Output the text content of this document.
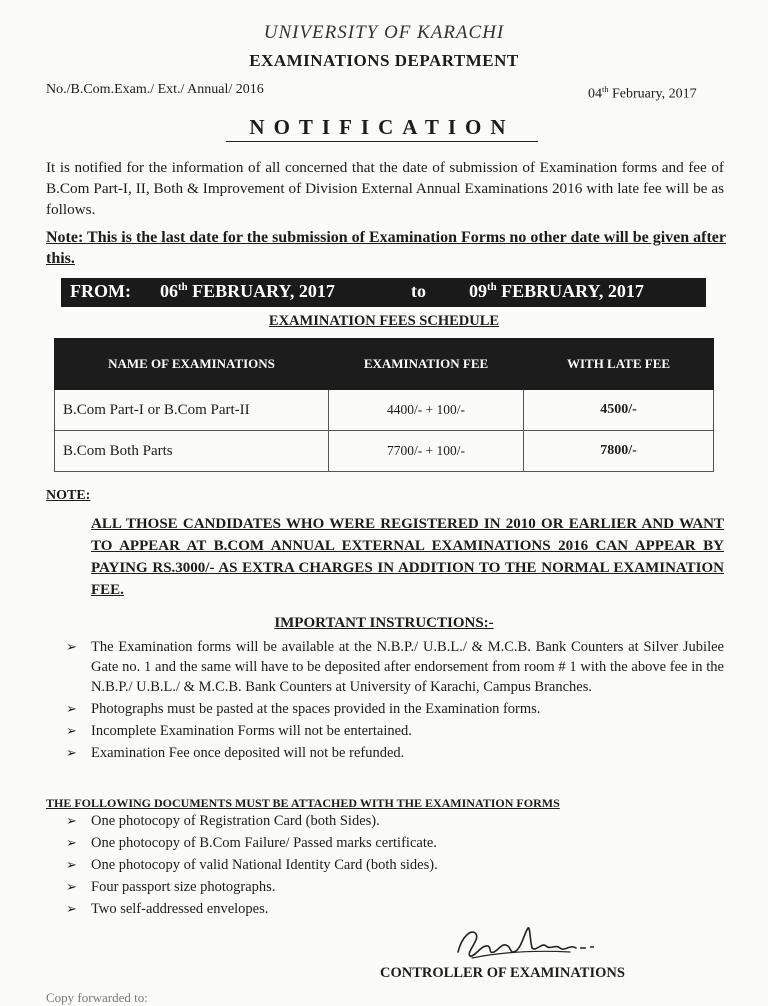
UNIVERSITY OF KARACHI
EXAMINATIONS DEPARTMENT
No./B.Com.Exam./ Ext./ Annual/ 2016	04th February, 2017
NOTIFICATION
It is notified for the information of all concerned that the date of submission of Examination forms and fee of B.Com Part-I, II, Both & Improvement of Division External Annual Examinations 2016 with late fee will be as follows.
Note: This is the last date for the submission of Examination Forms no other date will be given after this.
FROM: 06th FEBRUARY, 2017	to 09th FEBRUARY, 2017
EXAMINATION FEES SCHEDULE
NAME OF EXAMINATIONS	EXAMINATION FEE	WITH LATE FEE
B.Com Part-I or B.Com Part-II	4400/- + 100/-	4500/-
B.Com Both Parts	7700/- + 100/-	7800/-
NOTE:
ALL THOSE CANDIDATES WHO WERE REGISTERED IN 2010 OR EARLIER AND WANT TO APPEAR AT B.COM ANNUAL EXTERNAL EXAMINATIONS 2016 CAN APPEAR BY PAYING RS.3000/- AS EXTRA CHARGES IN ADDITION TO THE NORMAL EXAMINATION FEE.
IMPORTANT INSTRUCTIONS:-
➢ The Examination forms will be available at the N.B.P./ U.B.L./ & M.C.B. Bank Counters at Silver Jubilee Gate no. 1 and the same will have to be deposited after endorsement from room # 1 with the above fee in the N.B.P./ U.B.L./ & M.C.B. Bank Counters at University of Karachi, Campus Branches.
➢ Photographs must be pasted at the spaces provided in the Examination forms.
➢ Incomplete Examination Forms will not be entertained.
➢ Examination Fee once deposited will not be refunded.
THE FOLLOWING DOCUMENTS MUST BE ATTACHED WITH THE EXAMINATION FORMS
➢ One photocopy of Registration Card (both Sides).
➢ One photocopy of B.Com Failure/ Passed marks certificate.
➢ One photocopy of valid National Identity Card (both sides).
➢ Four passport size photographs.
➢ Two self-addressed envelopes.
CONTROLLER OF EXAMINATIONS
Copy forwarded to:
